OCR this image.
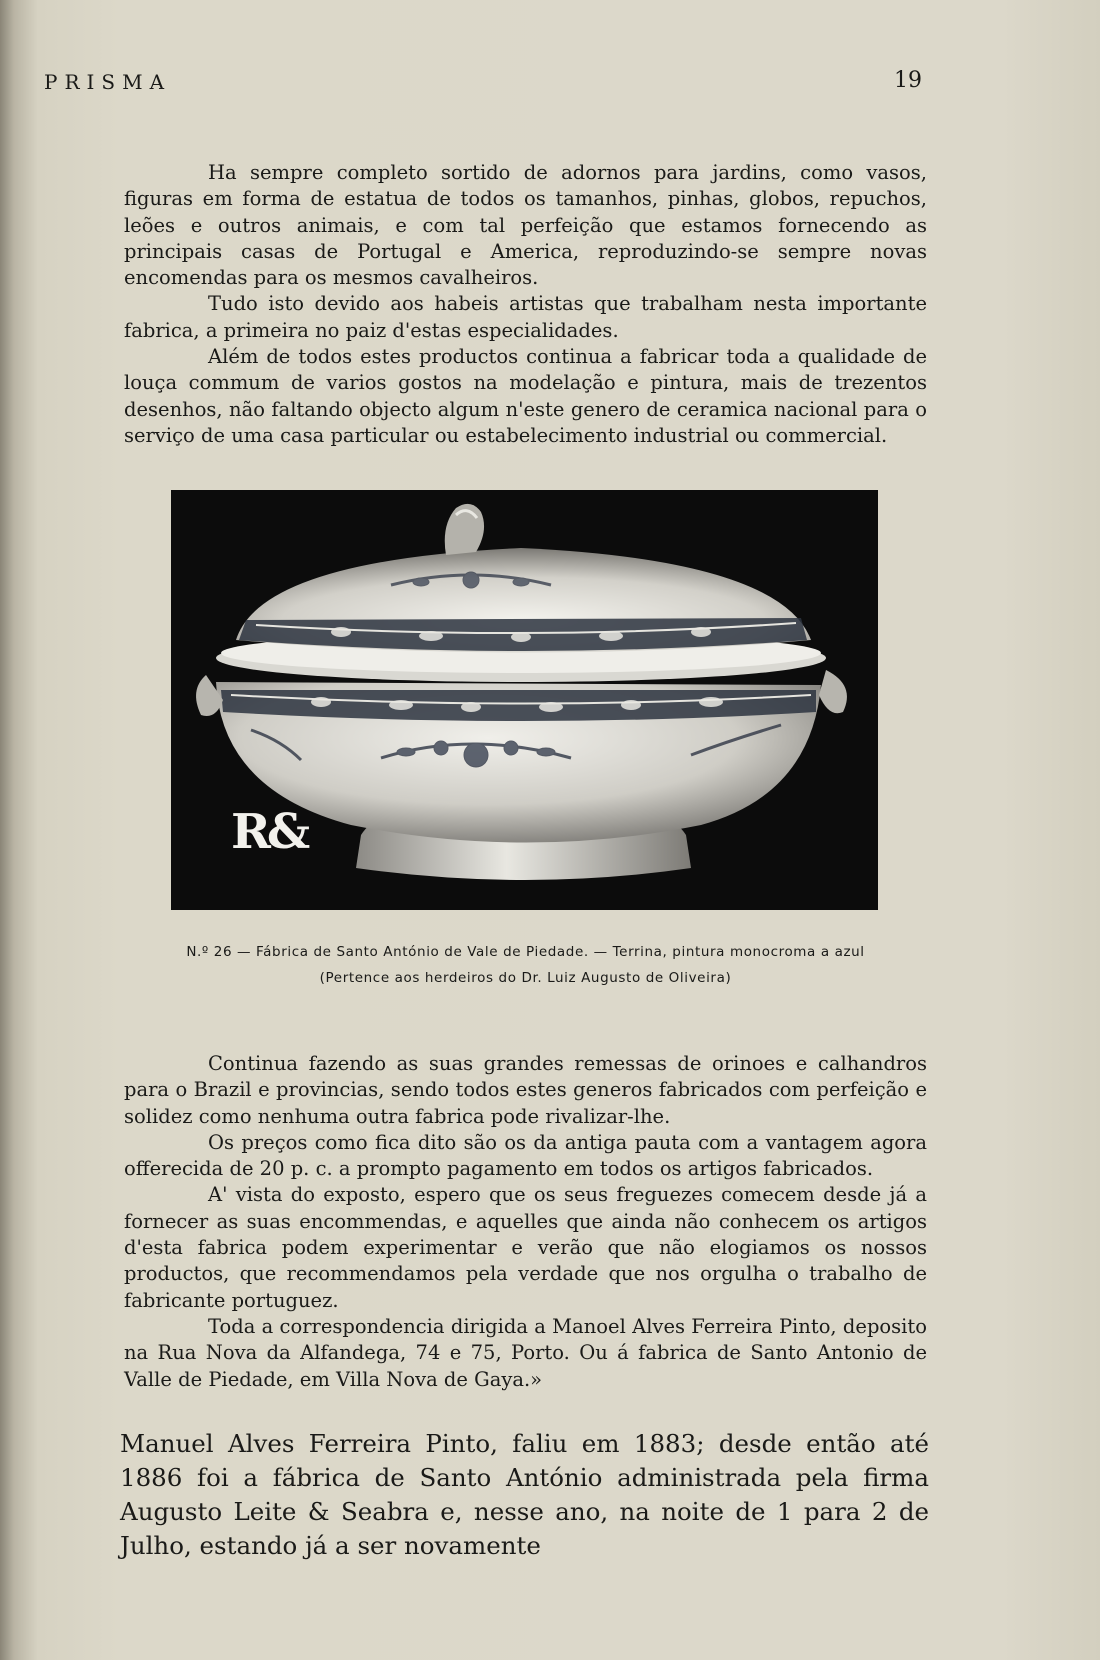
PRISMA	19

Ha sempre completo sortido de adornos para jardins, como vasos, figuras em forma de estatua de todos os tamanhos, pinhas, globos, repuchos, leões e outros animais, e com tal perfeição que estamos fornecendo as principais casas de Portugal e America, reproduzindo-se sempre novas encomendas para os mesmos cavalheiros.

Tudo isto devido aos habeis artistas que trabalham nesta importante fabrica, a primeira no paiz d'estas especialidades.

Além de todos estes productos continua a fabricar toda a qualidade de louça commum de varios gostos na modelação e pintura, mais de trezentos desenhos, não faltando objecto algum n'este genero de ceramica nacional para o serviço de uma casa particular ou estabelecimento industrial ou commercial.

R&
N.º 26 — Fábrica de Santo António de Vale de Piedade. — Terrina, pintura monocroma a azul
(Pertence aos herdeiros do Dr. Luiz Augusto de Oliveira)

Continua fazendo as suas grandes remessas de orinoes e calhandros para o Brazil e provincias, sendo todos estes generos fabricados com perfeição e solidez como nenhuma outra fabrica pode rivalizar-lhe.

Os preços como fica dito são os da antiga pauta com a vantagem agora offerecida de 20 p. c. a prompto pagamento em todos os artigos fabricados.

A' vista do exposto, espero que os seus freguezes comecem desde já a fornecer as suas encommendas, e aquelles que ainda não conhecem os artigos d'esta fabrica podem experimentar e verão que não elogiamos os nossos productos, que recommendamos pela verdade que nos orgulha o trabalho de fabricante portuguez.

Toda a correspondencia dirigida a Manoel Alves Ferreira Pinto, deposito na Rua Nova da Alfandega, 74 e 75, Porto. Ou á fabrica de Santo Antonio de Valle de Piedade, em Villa Nova de Gaya.»

Manuel Alves Ferreira Pinto, faliu em 1883; desde então até 1886 foi a fábrica de Santo António administrada pela firma Augusto Leite & Seabra e, nesse ano, na noite de 1 para 2 de Julho, estando já a ser novamente
